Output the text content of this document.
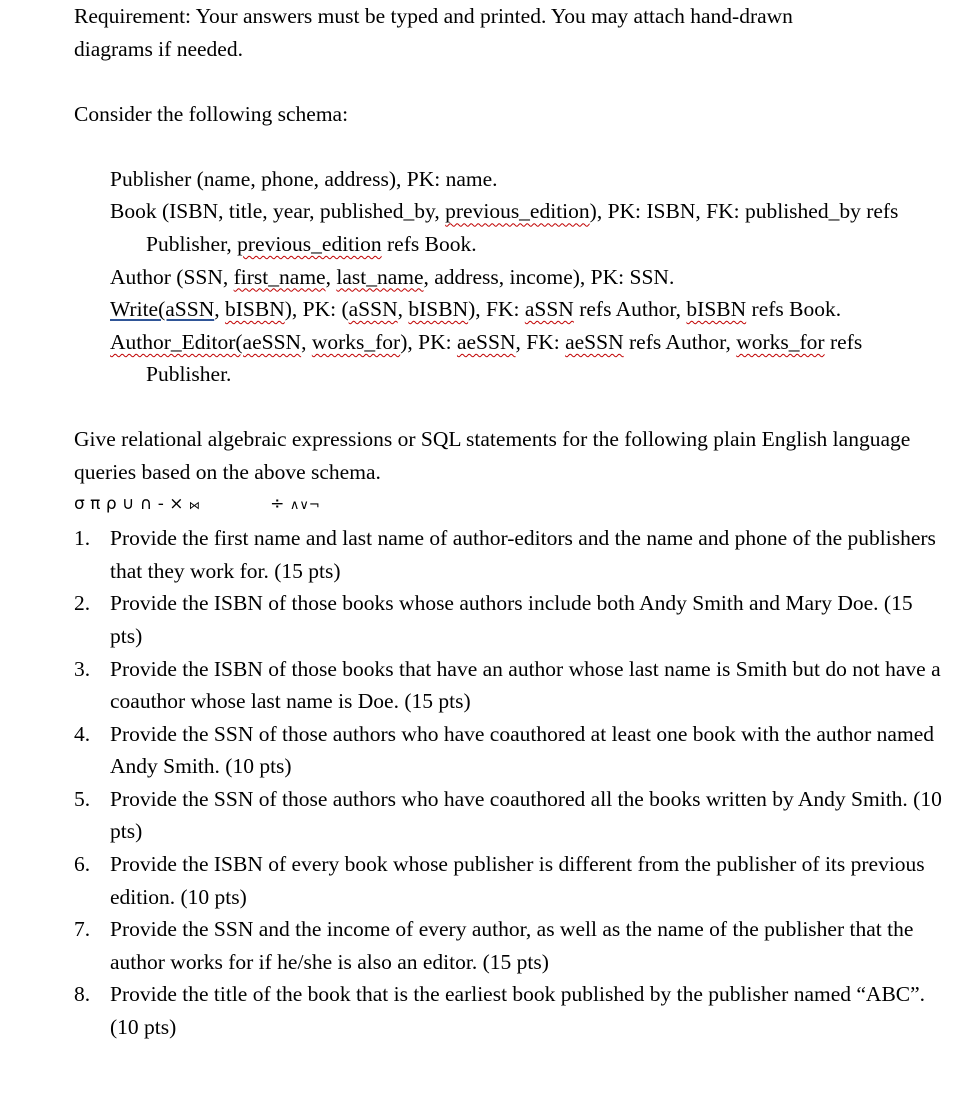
Requirement: Your answers must be typed and printed. You may attach hand-drawn
diagrams if needed.

Consider the following schema:

Publisher (name, phone, address), PK: name.

Book (ISBN, title, year, published_by, previous_edition), PK: ISBN, FK: published_by refs Publisher, previous_edition refs Book.

Author (SSN, first_name, last_name, address, income), PK: SSN.

Write(aSSN, bISBN), PK: (aSSN, bISBN), FK: aSSN refs Author, bISBN refs Book.

Author_Editor(aeSSN, works_for), PK: aeSSN, FK: aeSSN refs Author, works_for refs Publisher.

Give relational algebraic expressions or SQL statements for the following plain English language queries based on the above schema.

σ π ρ ∪ ∩ - × ⋈	÷ ∧∨¬

1. Provide the first name and last name of author-editors and the name and phone of the publishers that they work for. (15 pts)
2. Provide the ISBN of those books whose authors include both Andy Smith and Mary Doe. (15 pts)
3. Provide the ISBN of those books that have an author whose last name is Smith but do not have a coauthor whose last name is Doe. (15 pts)
4. Provide the SSN of those authors who have coauthored at least one book with the author named Andy Smith. (10 pts)
5. Provide the SSN of those authors who have coauthored all the books written by Andy Smith. (10 pts)
6. Provide the ISBN of every book whose publisher is different from the publisher of its previous edition. (10 pts)
7. Provide the SSN and the income of every author, as well as the name of the publisher that the author works for if he/she is also an editor. (15 pts)
8. Provide the title of the book that is the earliest book published by the publisher named “ABC”. (10 pts)
